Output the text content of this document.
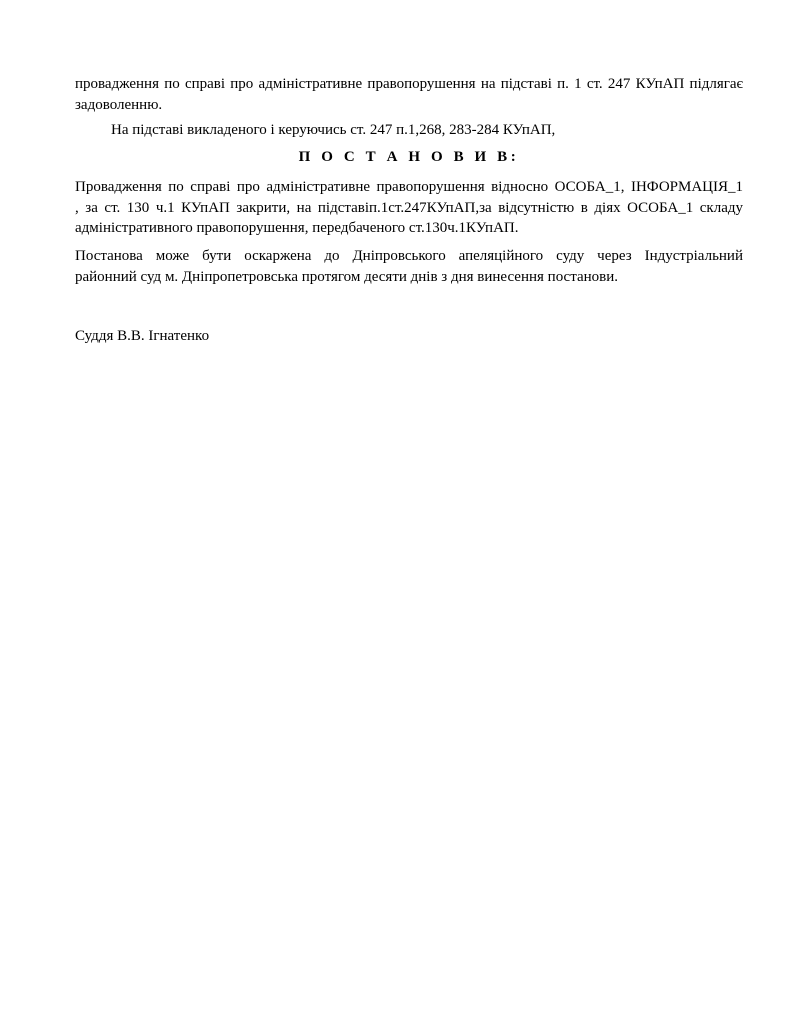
провадження по справі про адміністративне правопорушення на підставі п. 1 ст. 247 КУпАП підлягає
задоволенню.
На підставі викладеного і керуючись ст. 247 п.1,268, 283-284 КУпАП,
П О С Т А Н О В И В:
Провадження по справі про адміністративне правопорушення відносно ОСОБА_1, ІНФОРМАЦІЯ_1
, за ст. 130 ч.1 КУпАП закрити, на підставіп.1ст.247КУпАП,за відсутністю в діях ОСОБА_1 складу
адміністративного правопорушення, передбаченого ст.130ч.1КУпАП.
Постанова може бути оскаржена до Дніпровського апеляційного суду через Індустріальний
районний суд м. Дніпропетровська протягом десяти днів з дня винесення постанови.
Суддя В.В. Ігнатенко
